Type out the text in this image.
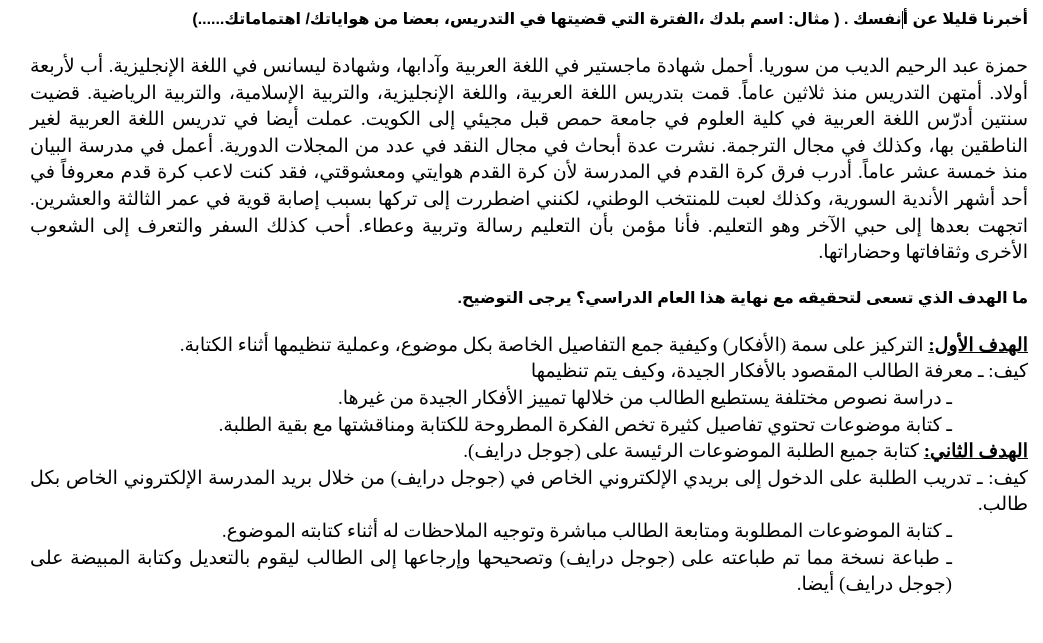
أخبرنا قليلا عن أنفسك . ( مثال: اسم بلدك ،الفترة التي قضيتها في التدريس، بعضا من هواياتك/ اهتماماتك......)

حمزة عبد الرحيم الديب من سوريا. أحمل شهادة ماجستير في اللغة العربية وآدابها، وشهادة ليسانس في اللغة الإنجليزية. أب لأربعة أولاد. أمتهن التدريس منذ ثلاثين عاماً. قمت بتدريس اللغة العربية، واللغة الإنجليزية، والتربية الإسلامية، والتربية الرياضية. قضيت سنتين أدرّس اللغة العربية في كلية العلوم في جامعة حمص قبل مجيئي إلى الكويت. عملت أيضا في تدريس اللغة العربية لغير الناطقين بها، وكذلك في مجال الترجمة. نشرت عدة أبحاث في مجال النقد في عدد من المجلات الدورية. أعمل في مدرسة البيان منذ خمسة عشر عاماً. أدرب فرق كرة القدم في المدرسة لأن كرة القدم هوايتي ومعشوقتي، فقد كنت لاعب كرة قدم معروفاً في أحد أشهر الأندية السورية، وكذلك لعبت للمنتخب الوطني، لكنني اضطررت إلى تركها بسبب إصابة قوية في عمر الثالثة والعشرين. اتجهت بعدها إلى حبي الآخر وهو التعليم. فأنا مؤمن بأن التعليم رسالة وتربية وعطاء. أحب كذلك السفر والتعرف إلى الشعوب الأخرى وثقافاتها وحضاراتها.

ما الهدف الذي تسعى لتحقيقه مع نهاية هذا العام الدراسي؟ يرجى التوضيح.

الهدف الأول: التركيز على سمة (الأفكار) وكيفية جمع التفاصيل الخاصة بكل موضوع، وعملية تنظيمها أثناء الكتابة.

كيف: ـ معرفة الطالب المقصود بالأفكار الجيدة، وكيف يتم تنظيمها

ـ دراسة نصوص مختلفة يستطيع الطالب من خلالها تمييز الأفكار الجيدة من غيرها.

ـ كتابة موضوعات تحتوي تفاصيل كثيرة تخص الفكرة المطروحة للكتابة ومناقشتها مع بقية الطلبة.

الهدف الثاني: كتابة جميع الطلبة الموضوعات الرئيسة على (جوجل درايف).

كيف: ـ تدريب الطلبة على الدخول إلى بريدي الإلكتروني الخاص في (جوجل درايف) من خلال بريد المدرسة الإلكتروني الخاص بكل طالب.

ـ كتابة الموضوعات المطلوبة ومتابعة الطالب مباشرة وتوجيه الملاحظات له أثناء كتابته الموضوع.

ـ طباعة نسخة مما تم طباعته على (جوجل درايف) وتصحيحها وإرجاعها إلى الطالب ليقوم بالتعديل وكتابة المبيضة على (جوجل درايف) أيضا.
